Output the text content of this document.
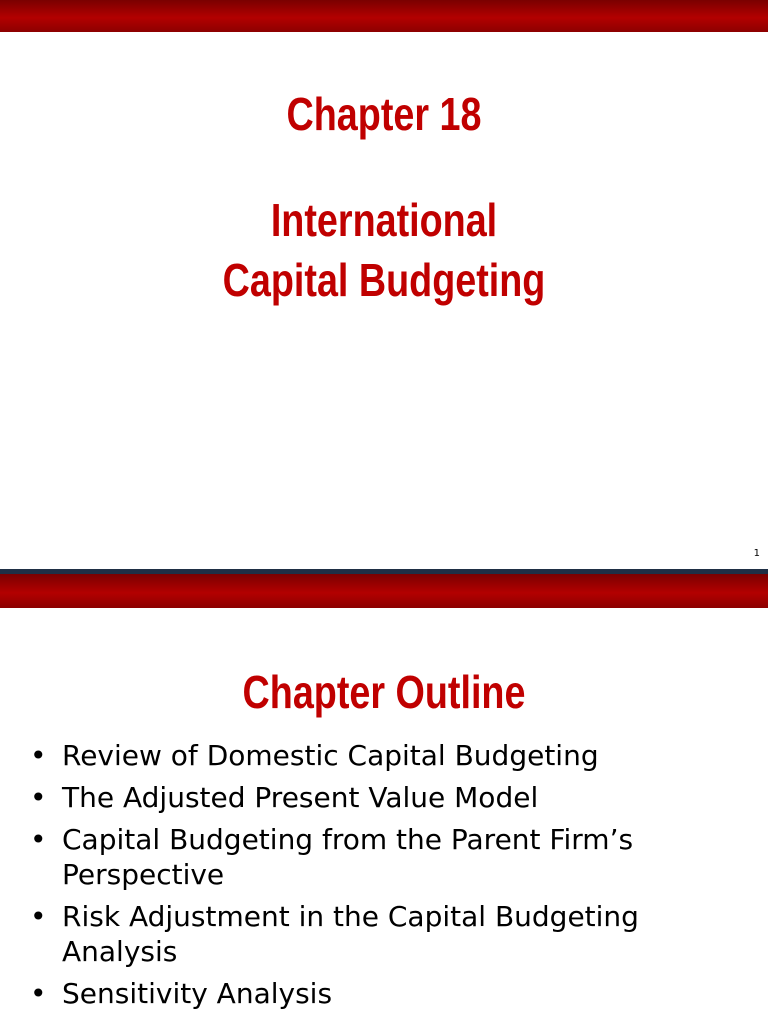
Chapter 18
International Capital Budgeting
1
Chapter Outline
• Review of Domestic Capital Budgeting
• The Adjusted Present Value Model
• Capital Budgeting from the Parent Firm’s Perspective
• Risk Adjustment in the Capital Budgeting Analysis
• Sensitivity Analysis
